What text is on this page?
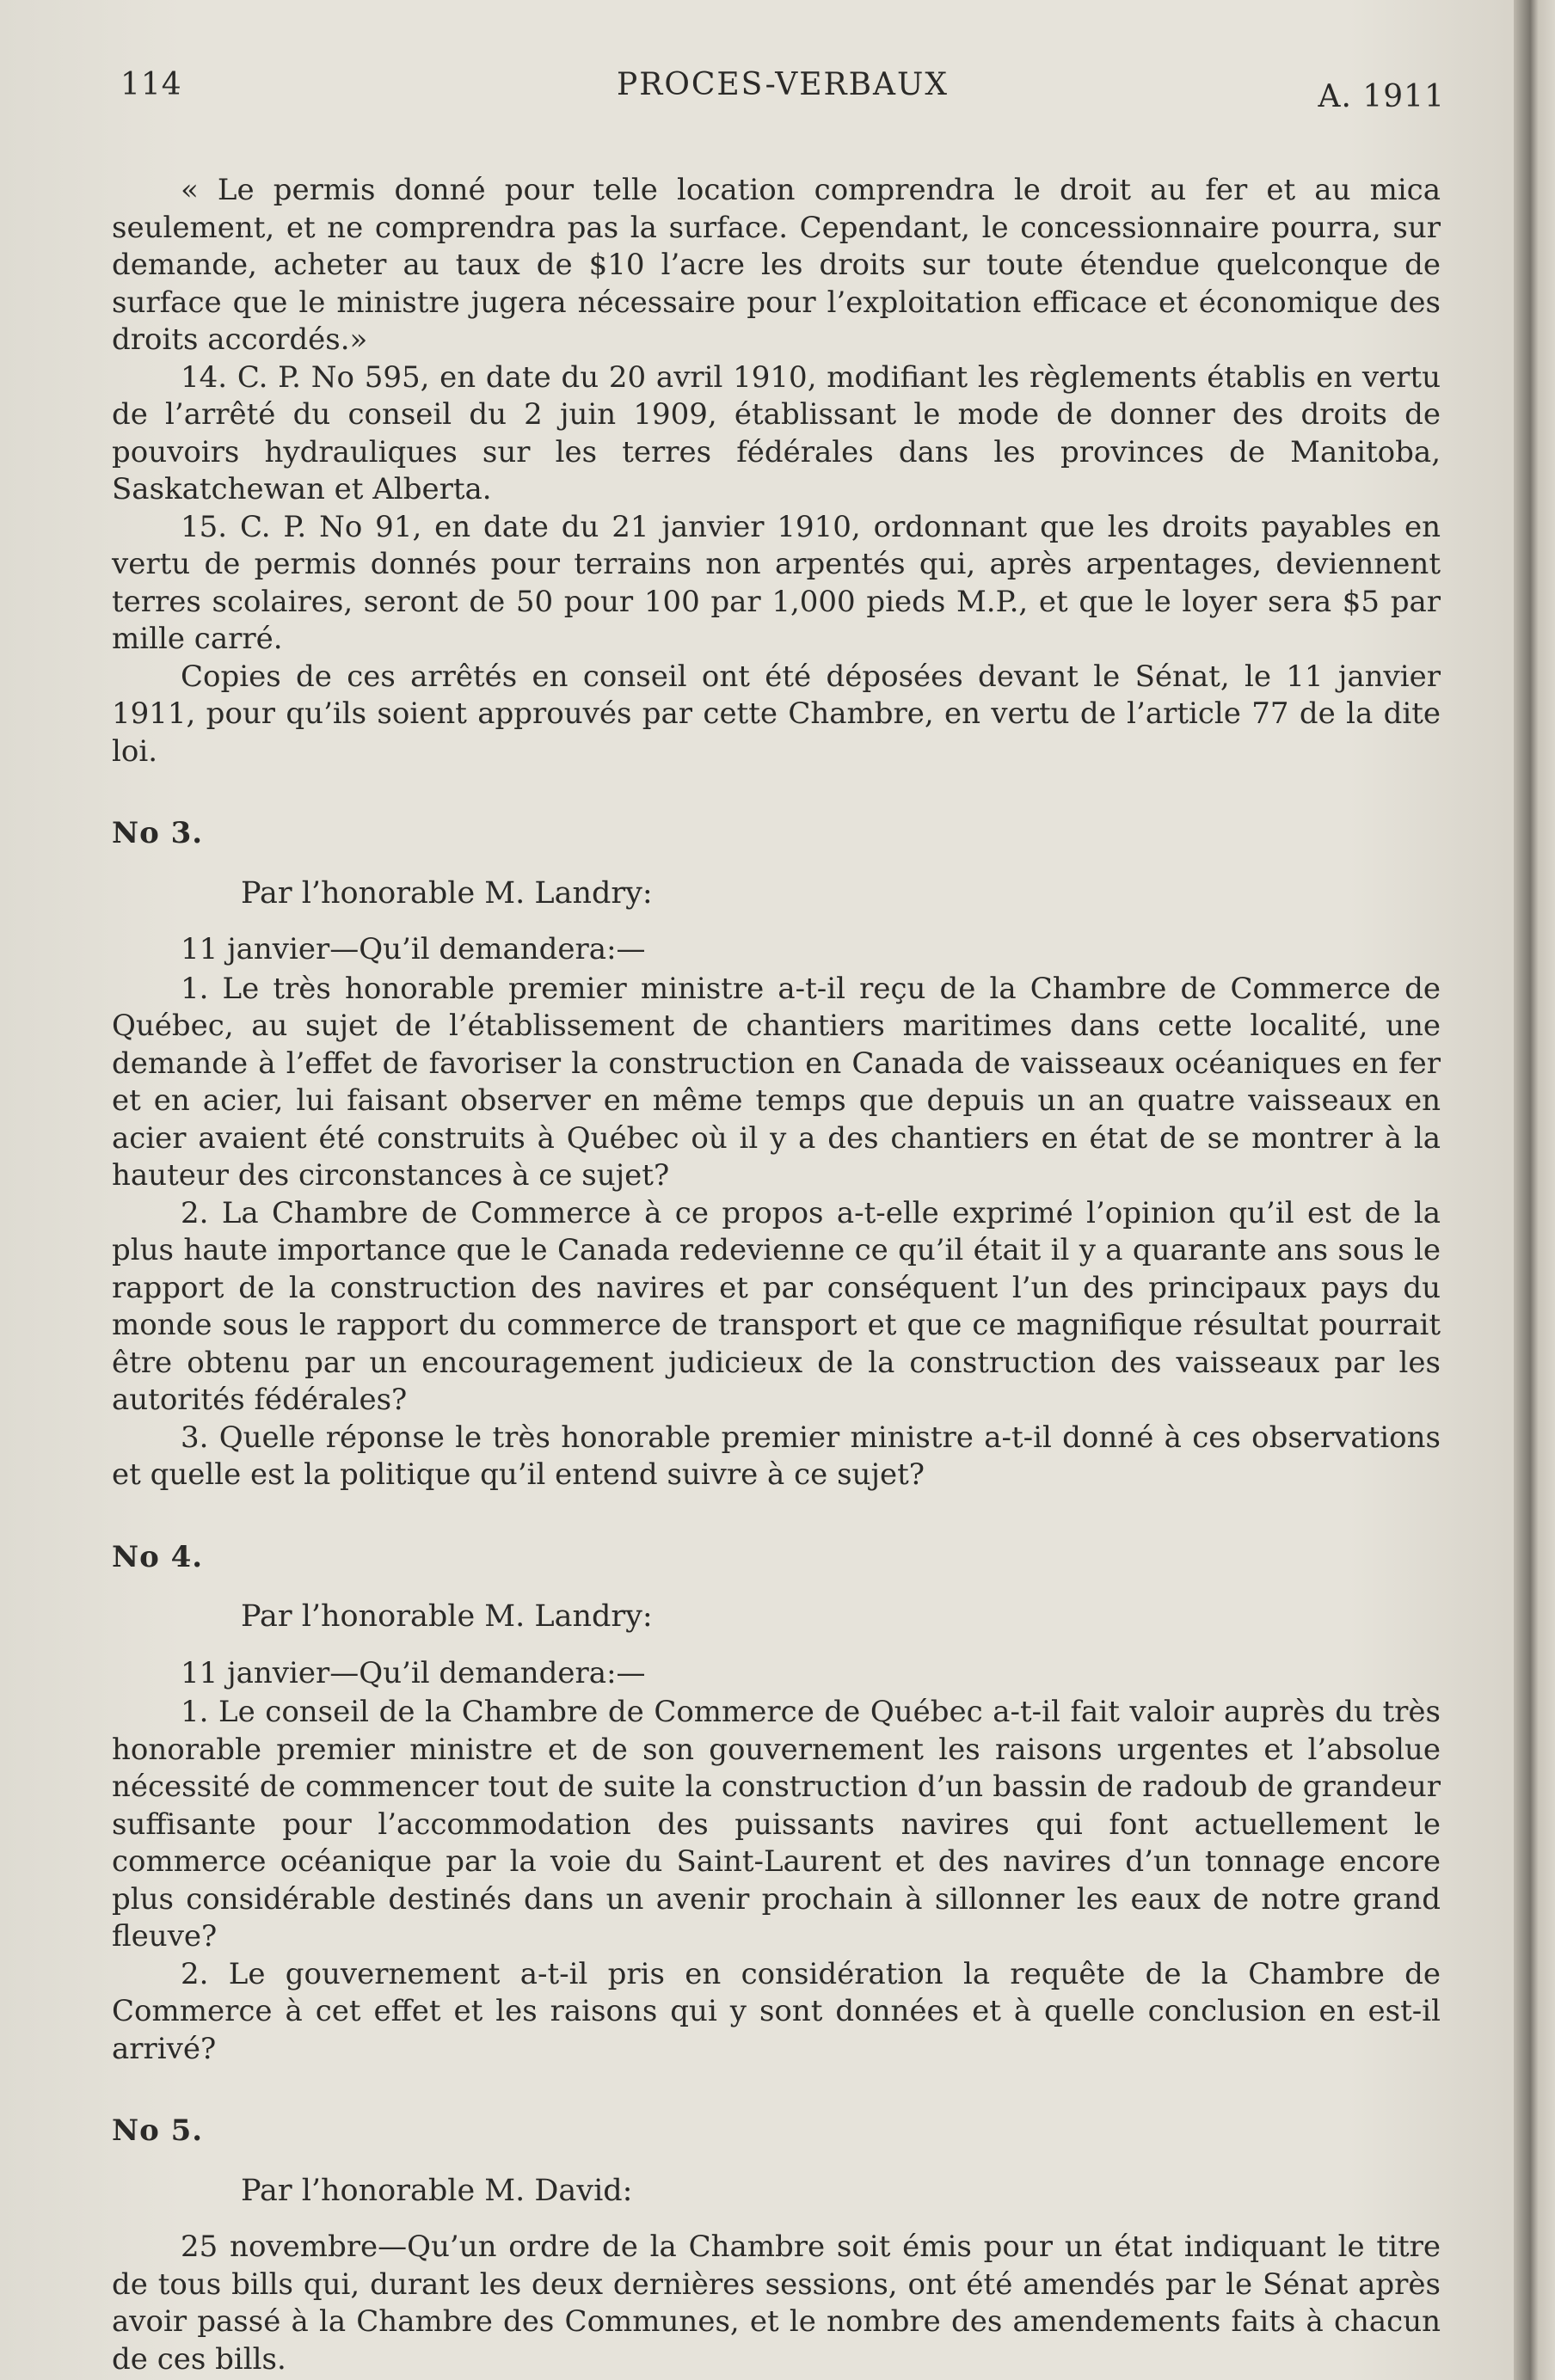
114	PROCES-VERBAUX	A. 1911

« Le permis donné pour telle location comprendra le droit au fer et au mica seulement, et ne comprendra pas la surface. Cependant, le concessionnaire pourra, sur demande, acheter au taux de $10 l’acre les droits sur toute étendue quelconque de surface que le ministre jugera nécessaire pour l’exploitation efficace et économique des droits accordés.»

14. C. P. No 595, en date du 20 avril 1910, modifiant les règlements établis en vertu de l’arrêté du conseil du 2 juin 1909, établissant le mode de donner des droits de pouvoirs hydrauliques sur les terres fédérales dans les provinces de Manitoba, Saskatchewan et Alberta.

15. C. P. No 91, en date du 21 janvier 1910, ordonnant que les droits payables en vertu de permis donnés pour terrains non arpentés qui, après arpentages, deviennent terres scolaires, seront de 50 pour 100 par 1,000 pieds M.P., et que le loyer sera $5 par mille carré.

Copies de ces arrêtés en conseil ont été déposées devant le Sénat, le 11 janvier 1911, pour qu’ils soient approuvés par cette Chambre, en vertu de l’article 77 de la dite loi.

No 3.
Par l’honorable M. Landry:
11 janvier—Qu’il demandera:—

1. Le très honorable premier ministre a-t-il reçu de la Chambre de Commerce de Québec, au sujet de l’établissement de chantiers maritimes dans cette localité, une demande à l’effet de favoriser la construction en Canada de vaisseaux océaniques en fer et en acier, lui faisant observer en même temps que depuis un an quatre vaisseaux en acier avaient été construits à Québec où il y a des chantiers en état de se montrer à la hauteur des circonstances à ce sujet?

2. La Chambre de Commerce à ce propos a-t-elle exprimé l’opinion qu’il est de la plus haute importance que le Canada redevienne ce qu’il était il y a quarante ans sous le rapport de la construction des navires et par conséquent l’un des principaux pays du monde sous le rapport du commerce de transport et que ce magnifique résultat pourrait être obtenu par un encouragement judicieux de la construction des vaisseaux par les autorités fédérales?

3. Quelle réponse le très honorable premier ministre a-t-il donné à ces observations et quelle est la politique qu’il entend suivre à ce sujet?

No 4.
Par l’honorable M. Landry:
11 janvier—Qu’il demandera:—

1. Le conseil de la Chambre de Commerce de Québec a-t-il fait valoir auprès du très honorable premier ministre et de son gouvernement les raisons urgentes et l’absolue nécessité de commencer tout de suite la construction d’un bassin de radoub de grandeur suffisante pour l’accommodation des puissants navires qui font actuellement le commerce océanique par la voie du Saint-Laurent et des navires d’un tonnage encore plus considérable destinés dans un avenir prochain à sillonner les eaux de notre grand fleuve?

2. Le gouvernement a-t-il pris en considération la requête de la Chambre de Commerce à cet effet et les raisons qui y sont données et à quelle conclusion en est-il arrivé?

No 5.
Par l’honorable M. David:

25 novembre—Qu’un ordre de la Chambre soit émis pour un état indiquant le titre de tous bills qui, durant les deux dernières sessions, ont été amendés par le Sénat après avoir passé à la Chambre des Communes, et le nombre des amendements faits à chacun de ces bills.
